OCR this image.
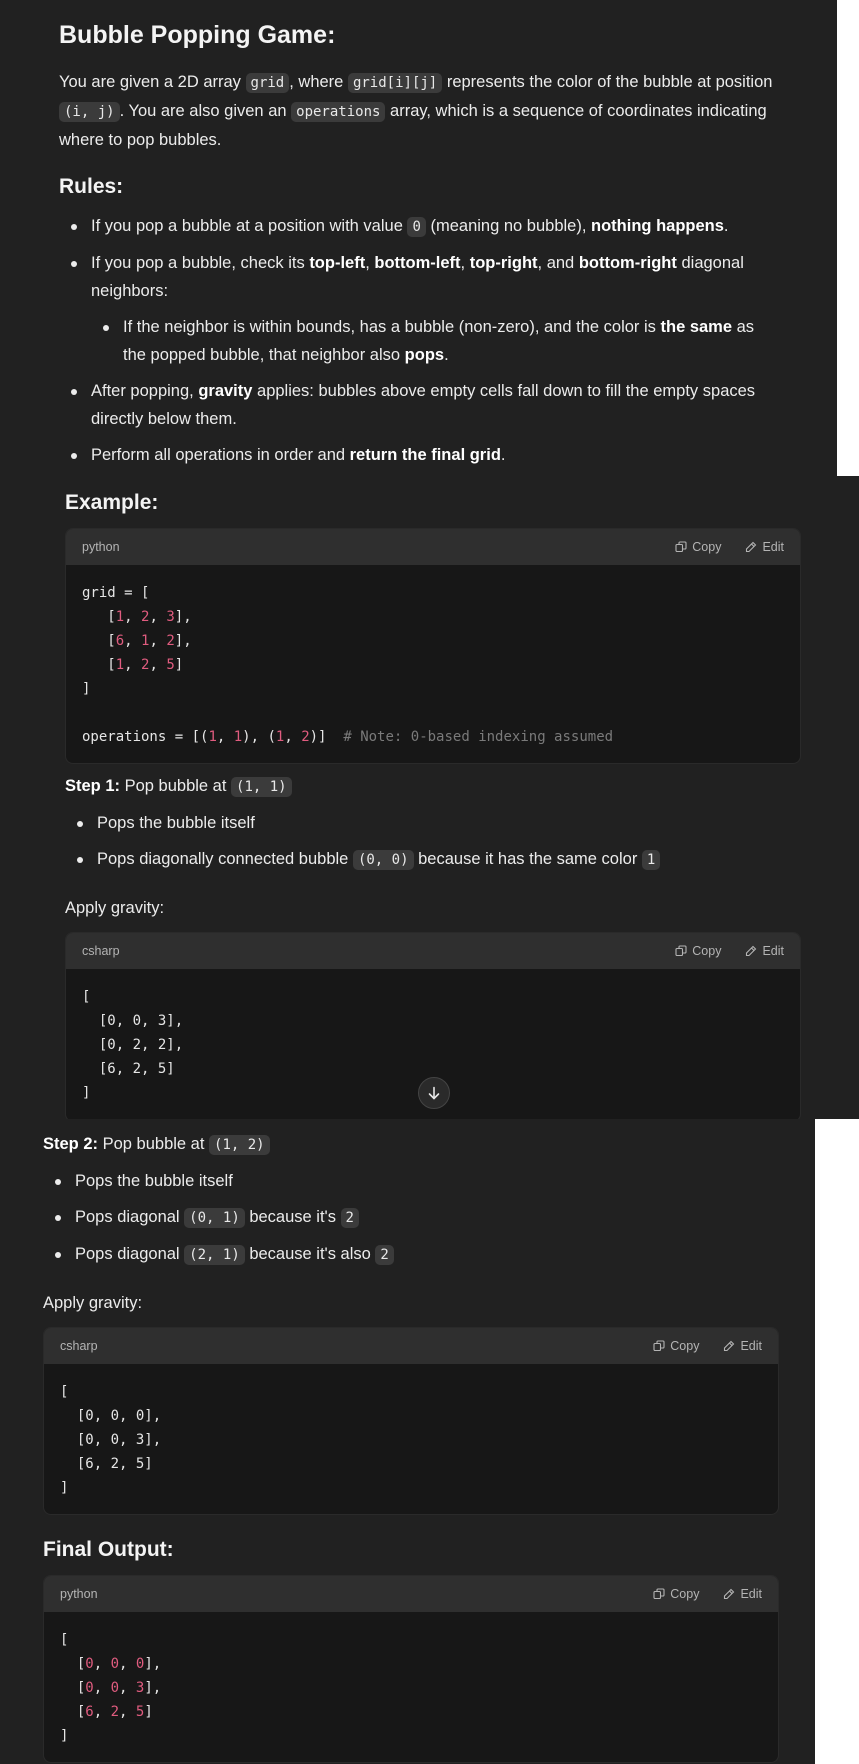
Bubble Popping Game:

You are given a 2D array grid , where grid[i][j] represents the color of the bubble at position (i, j) . You are also given an operations array, which is a sequence of coordinates indicating where to pop bubbles.

Rules:
If you pop a bubble at a position with value 0 (meaning no bubble), nothing happens.
If you pop a bubble, check its top-left, bottom-left, top-right, and bottom-right diagonal neighbors:
If the neighbor is within bounds, has a bubble (non-zero), and the color is the same as the popped bubble, that neighbor also pops.
After popping, gravity applies: bubbles above empty cells fall down to fill the empty spaces directly below them.
Perform all operations in order and return the final grid.
Example:
python	Copy	Edit
grid = [
[1, 2, 3],
[6, 1, 2],
[1, 2, 5]
]

operations = [(1, 1), (1, 2)]  # Note: 0-based indexing assumed

Step 1: Pop bubble at (1, 1)

Pops the bubble itself
Pops diagonally connected bubble (0, 0) because it has the same color 1

Apply gravity:

csharp	Copy	Edit
[
[0, 0, 3],
[0, 2, 2],
[6, 2, 5]
]

Step 2: Pop bubble at (1, 2)

Pops the bubble itself
Pops diagonal (0, 1) because it's 2
Pops diagonal (2, 1) because it's also 2

Apply gravity:

csharp	Copy	Edit
[
[0, 0, 0],
[0, 0, 3],
[6, 2, 5]
]
Final Output:
python	Copy	Edit
[
[0, 0, 0],
[0, 0, 3],
[6, 2, 5]
]
